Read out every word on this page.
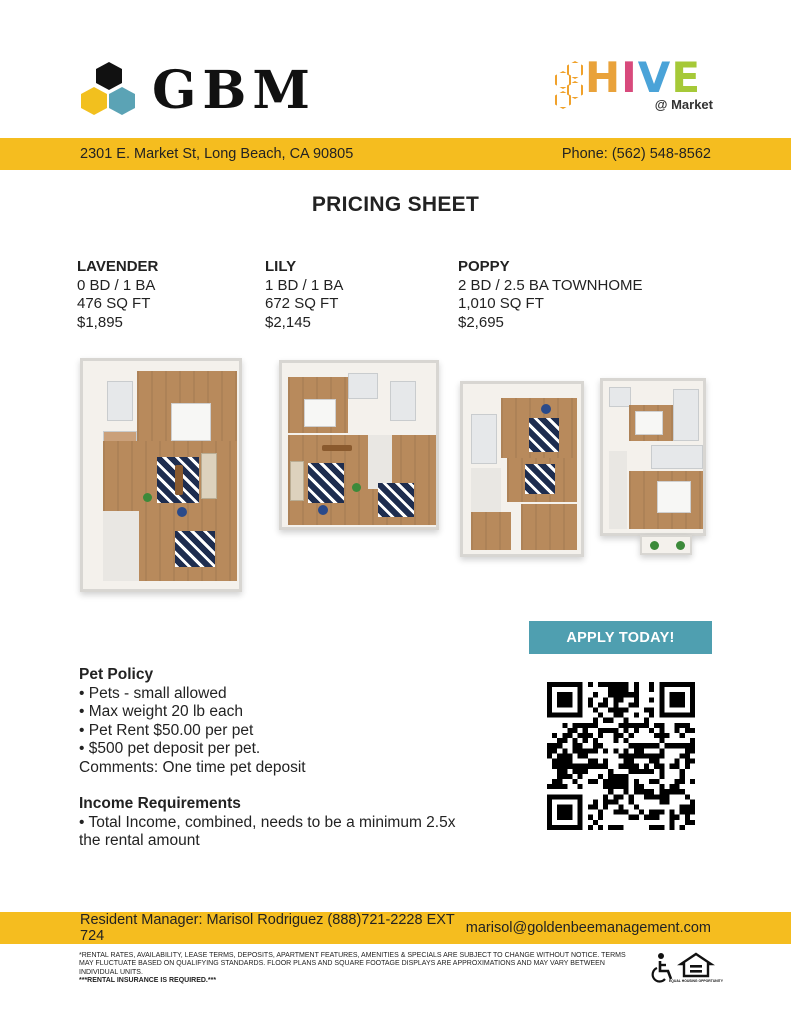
GBM	HIVE
@ Market
2301 E. Market St, Long Beach, CA 90805	Phone: (562) 548-8562
PRICING SHEET
LAVENDER
0 BD / 1 BA
476 SQ FT
$1,895
LILY
1 BD / 1 BA
672 SQ FT
$2,145
POPPY
2 BD / 2.5 BA TOWNHOME
1,010 SQ FT
$2,695
APPLY TODAY!
Pet Policy
• Pets - small allowed
• Max weight 20 lb each
• Pet Rent $50.00 per pet
• $500 pet deposit per pet.
Comments: One time pet deposit
Income Requirements
• Total Income, combined, needs to be a minimum 2.5x
the rental amount
Resident Manager: Marisol Rodriguez (888)721-2228 EXT 724	marisol@goldenbeemanagement.com
*RENTAL RATES, AVAILABILITY, LEASE TERMS, DEPOSITS, APARTMENT FEATURES, AMENITIES & SPECIALS ARE SUBJECT TO CHANGE WITHOUT NOTICE. TERMS MAY FLUCTUATE BASED ON QUALIFYING STANDARDS. FLOOR PLANS AND SQUARE FOOTAGE DISPLAYS ARE APPROXIMATIONS AND MAY VARY BETWEEN INDIVIDUAL UNITS.
***RENTAL INSURANCE IS REQUIRED.***	EQUAL HOUSING OPPORTUNITY
